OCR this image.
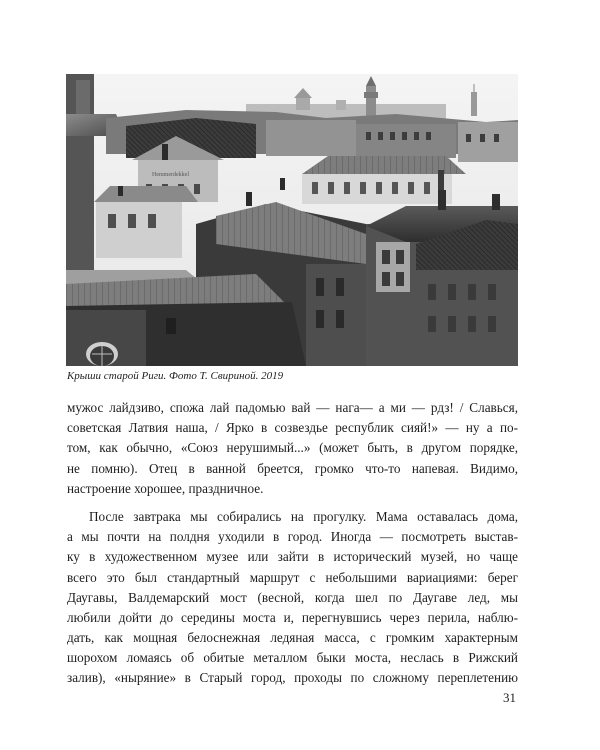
Hemmerdekkel
Крыши старой Риги. Фото Т. Свириной. 2019
мужос лайдзиво, спожа лай падомью вай — нага— а ми — рдз! / Славься,
советская Латвия наша, / Ярко в созвездье республик сияй!» — ну а по-
том, как обычно, «Союз нерушимый...» (может быть, в другом порядке,
не помню). Отец в ванной бреется, громко что-то напевая. Видимо,
настроение хорошее, праздничное.
После завтрака мы собирались на прогулку. Мама оставалась дома,
а мы почти на полдня уходили в город. Иногда — посмотреть выстав-
ку в художественном музее или зайти в исторический музей, но чаще
всего это был стандартный маршрут с небольшими вариациями: берег
Даугавы, Валдемарский мост (весной, когда шел по Даугаве лед, мы
любили дойти до середины моста и, перегнувшись через перила, наблю-
дать, как мощная белоснежная ледяная масса, с громким характерным
шорохом ломаясь об обитые металлом быки моста, неслась в Рижский
залив), «ныряние» в Старый город, проходы по сложному переплетению
31
